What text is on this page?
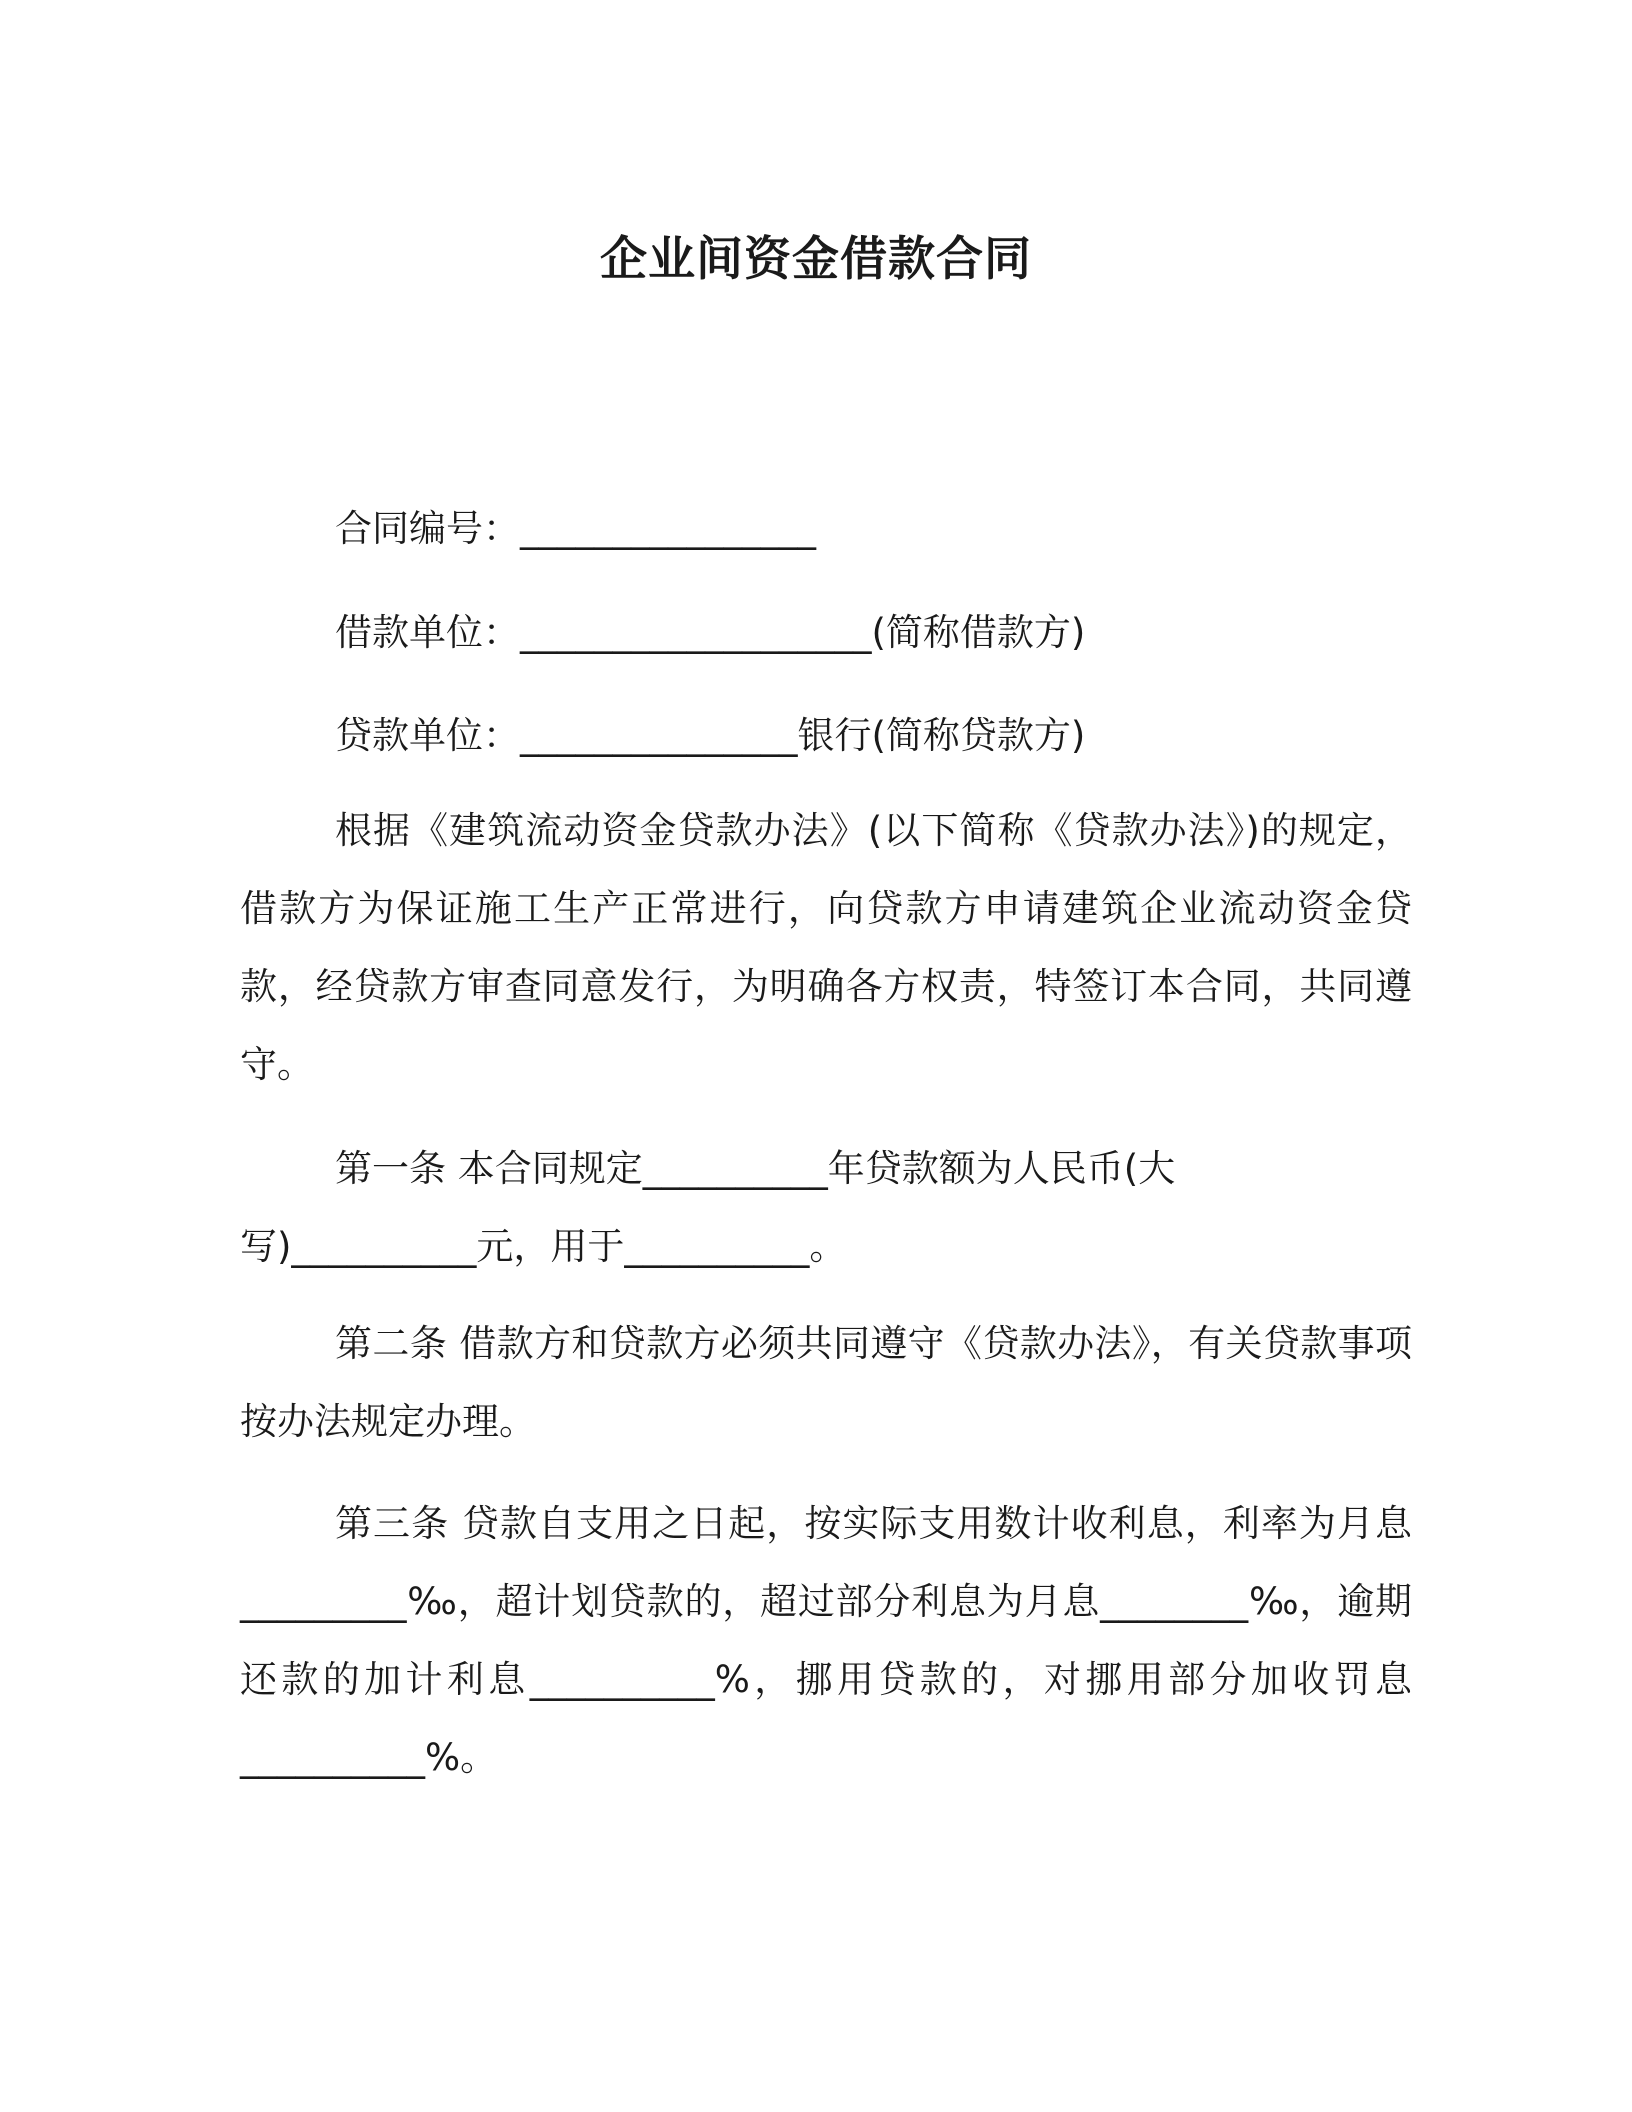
企业间资金借款合同

合同编号：________________

借款单位：___________________(简称借款方)

贷款单位：_______________银行(简称贷款方)

根据《建筑流动资金贷款办法》(以下简称《贷款办法》)的规定，借款方为保证施工生产正常进行，向贷款方申请建筑企业流动资金贷款，经贷款方审查同意发行，为明确各方权责，特签订本合同，共同遵守。

第一条 本合同规定__________年贷款额为人民币(大

写)__________元，用于__________。

第二条 借款方和贷款方必须共同遵守《贷款办法》，有关贷款事项按办法规定办理。

第三条 贷款自支用之日起，按实际支用数计收利息，利率为月息_________‰，超计划贷款的，超过部分利息为月息________‰，逾期还款的加计利息__________%，挪用贷款的，对挪用部分加收罚息__________%。
